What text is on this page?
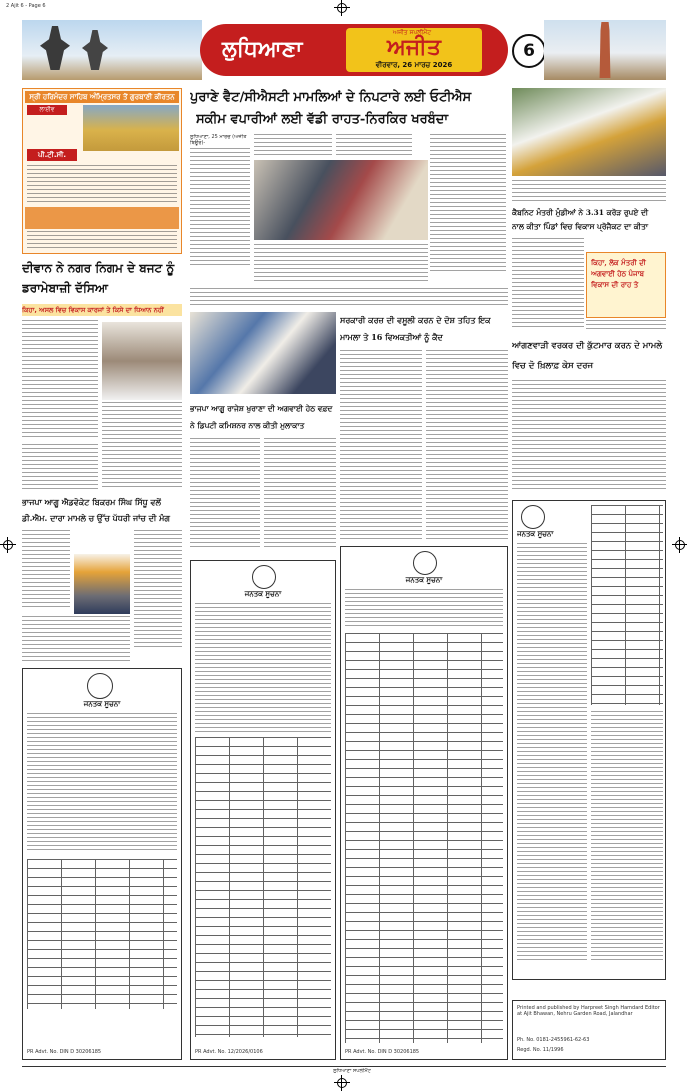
2 Ajit 6 - Page 6
ਲੁਧਿਆਣਾ
ਅਜੀਤ ਸਪਲੀਮੈਂਟ
ਅਜੀਤ
ਵੀਰਵਾਰ, 26 ਮਾਰਚ 2026
6
ਸ੍ਰੀ ਹਰਿਮੰਦਰ ਸਾਹਿਬ ਅੰਮ੍ਰਿਤਸਰ ਤੋਂ ਗੁਰਬਾਣੀ ਕੀਰਤਨ
ਲਾਈਵ
ਪੀ.ਟੀ.ਸੀ.
ਪੁਰਾਣੇ ਵੈਟ/ਸੀਐਸਟੀ ਮਾਮਲਿਆਂ ਦੇ ਨਿਪਟਾਰੇ ਲਈ ਓਟੀਐਸ
ਸਕੀਮ ਵਪਾਰੀਆਂ ਲਈ ਵੱਡੀ ਰਾਹਤ-ਨਿਰਕਿਰ ਖਰਬੰਦਾ
ਲੁਧਿਆਣਾ, 25 ਮਾਰਚ (ਅਜੀਤ ਬਿਊਰੋ)-
ਕੈਬਨਿਟ ਮੰਤਰੀ ਮੁੰਡੀਆਂ ਨੇ 3.31 ਕਰੋੜ ਰੁਪਏ ਦੀ
ਨਾਲ ਕੀਤਾ ਪਿੰਡਾਂ ਵਿਚ ਵਿਕਾਸ ਪ੍ਰੋਜੈਕਟ ਦਾ ਕੀਤਾ
ਕਿਹਾ, ਲੋਕ ਮੰਤਰੀ ਦੀ ਅਗਵਾਈ ਹੇਠ ਪੰਜਾਬ ਵਿਕਾਸ ਦੀ ਰਾਹ ਤੇ
ਦੀਵਾਨ ਨੇ ਨਗਰ ਨਿਗਮ ਦੇ ਬਜਟ ਨੂੰ ਡਰਾਮੇਬਾਜ਼ੀ ਦੱਸਿਆ
ਕਿਹਾ, ਅਸਲ ਵਿਚ ਵਿਕਾਸ ਕਾਰਜਾਂ ਤੇ ਕਿਸੇ ਦਾ ਧਿਆਨ ਨਹੀਂ
ਭਾਜਪਾ ਆਗੂ ਐਡਵੋਕੇਟ ਬਿਕਰਮ ਸਿੰਘ ਸਿੱਧੂ ਵਲੋਂ ਡੀ.ਐਮ. ਦਾਰਾ ਮਾਮਲੇ ਚ ਉੱਚ ਪੱਧਰੀ ਜਾਂਚ ਦੀ ਮੰਗ
ਭਾਜਪਾ ਆਗੂ ਰਾਜੇਸ਼ ਖੁਰਾਣਾ ਦੀ ਅਗਵਾਈ ਹੇਠ ਵਫ਼ਦ ਨੇ ਡਿਪਟੀ ਕਮਿਸ਼ਨਰ ਨਾਲ ਕੀਤੀ ਮੁਲਾਕਾਤ
ਸਰਕਾਰੀ ਕਰਜ਼ ਦੀ ਵਸੂਲੀ ਕਰਨ ਦੇ ਦੋਸ਼ ਤਹਿਤ ਇਕ ਮਾਮਲਾ ਤੇ 16 ਵਿਅਕਤੀਆਂ ਨੂੰ ਕੈਦ
ਆਂਗਣਵਾੜੀ ਵਰਕਰ ਦੀ ਕੁੱਟਮਾਰ ਕਰਨ ਦੇ ਮਾਮਲੇ ਵਿਚ ਦੋ ਖ਼ਿਲਾਫ਼ ਕੇਸ ਦਰਜ
ਜਨਤਕ ਸੂਚਨਾ
PR Advt. No. DIN D 30206185
ਜਨਤਕ ਸੂਚਨਾ
PR Advt. No. 12/2026/0106
ਜਨਤਕ ਸੂਚਨਾ
PR Advt. No. DIN D 30206185
ਜਨਤਕ ਸੂਚਨਾ
Printed and published by Harpreet Singh Hamdard Editor at Ajit Bhawan, Nehru Garden Road, Jalandhar
Ph. No. 0181-2455961-62-63
Regd. No. 11/1996
ਲੁਧਿਆਣਾ ਸਪਲੀਮੈਂਟ
